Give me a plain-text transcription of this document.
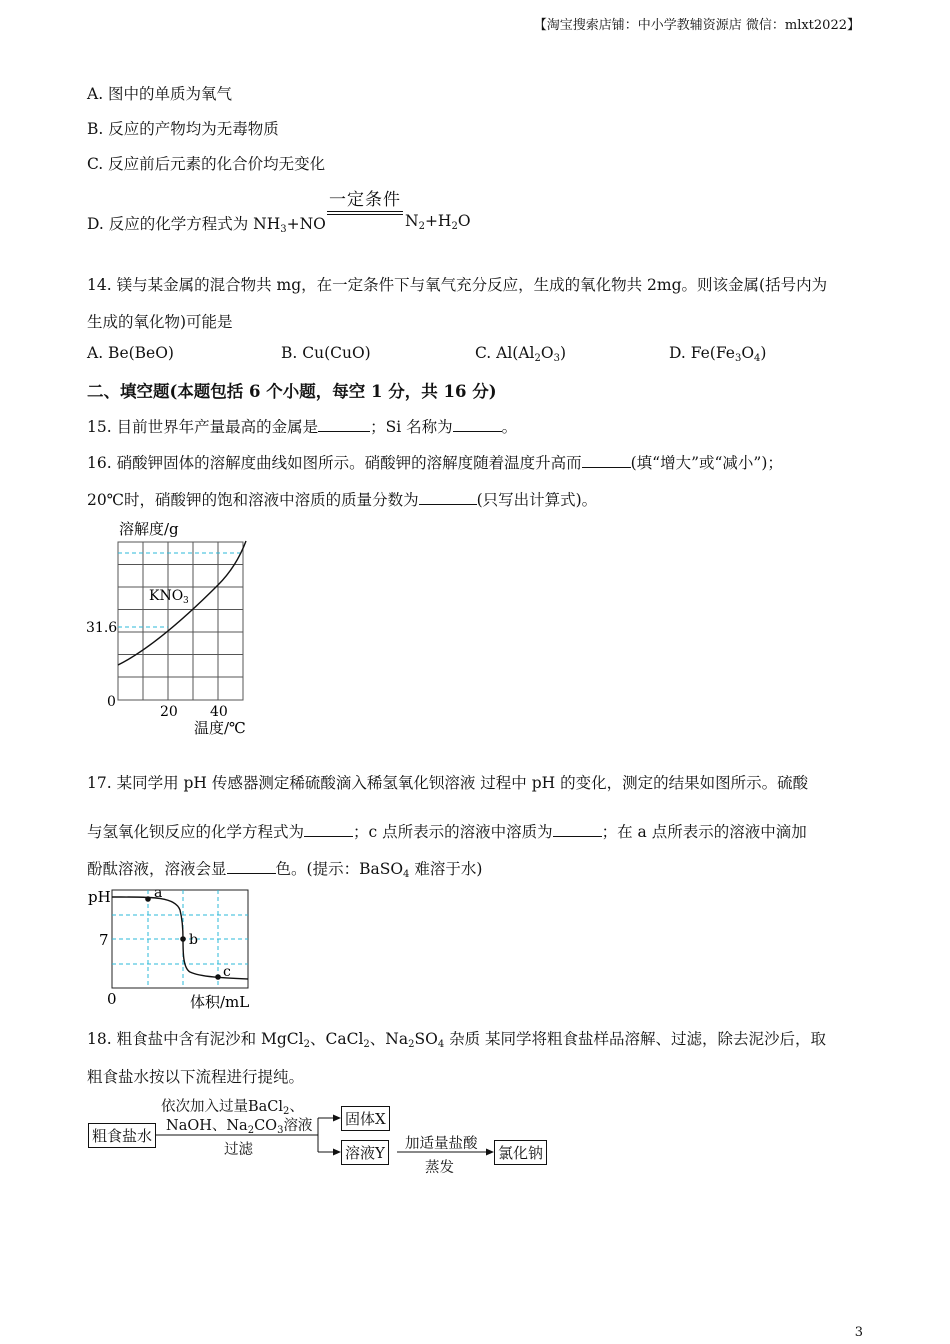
【淘宝搜索店铺：中小学教辅资源店 微信：mlxt2022】
A. 图中的单质为氧气
B. 反应的产物均为无毒物质
C. 反应前后元素的化合价均无变化
D. 反应的化学方程式为 $NH_3+NO$
一定条件
$N_2+H_2O$
14. 镁与某金属的混合物共 mg，在一定条件下与氧气充分反应，生成的氧化物共 2mg。则该金属(括号内为
生成的氧化物)可能是
A. Be(BeO)	B. Cu(CuO)	C. $Al(Al_2O_3)$	D. $Fe(Fe_3O_4)$
二、填空题(本题包括 6 个小题，每空 1 分，共 16 分)
15. 目前世界年产量最高的金属是	；Si 名称为	。
16. 硝酸钾固体的溶解度曲线如图所示。硝酸钾的溶解度随着温度升高而	(填“增大”或“减小”)；
20℃时，硝酸钾的饱和溶液中溶质的质量分数为	(只写出计算式)。
溶解度/g
KNO 3
31.6
0
20 40
温度/℃
17. 某同学用 pH 传感器测定稀硫酸滴入稀氢氧化钡溶液 过程中 pH 的变化，测定的结果如图所示。硫酸
与氢氧化钡反应的化学方程式为	；c 点所表示的溶液中溶质为	；在 a 点所表示的溶液中滴加
酚酞溶液，溶液会显	色。(提示：BaSO$_4$ 难溶于水)
a
b
c
pH
7
0	体积/mL
18. 粗食盐中含有泥沙和 MgCl$_2$、CaCl$_2$、$Na_2SO_4$ 杂质 某同学将粗食盐样品溶解、过滤，除去泥沙后，取
粗食盐水按以下流程进行提纯。
粗食盐水
依次加入过量BaCl$_2$、
NaOH、$Na_2CO_3$溶液
过滤
固体X
溶液Y 加适量盐酸
蒸发
氯化钠
3
